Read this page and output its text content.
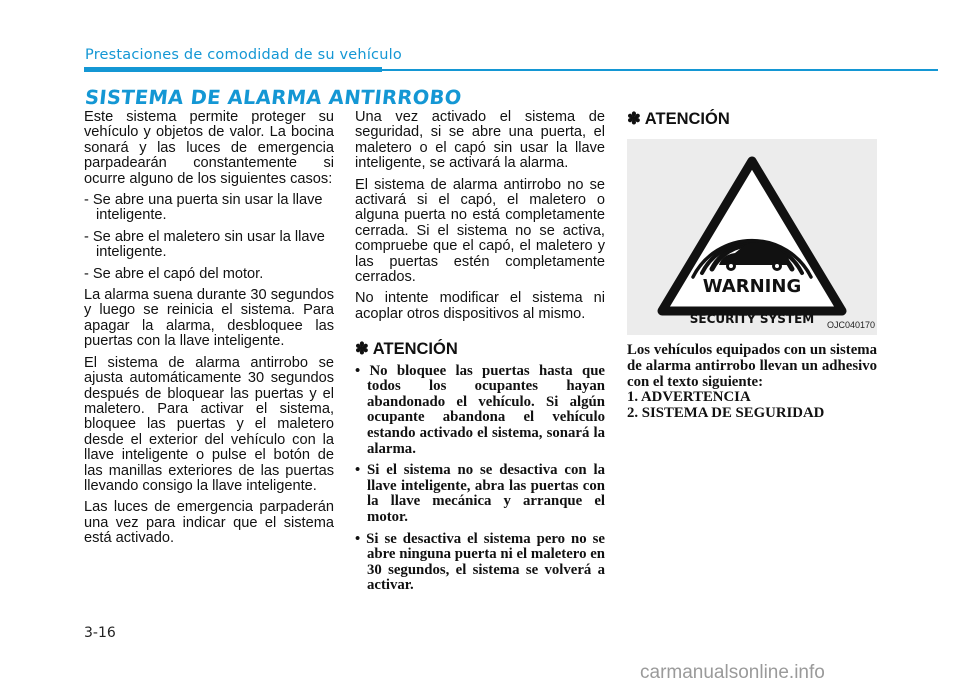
Prestaciones de comodidad de su vehículo
SISTEMA DE ALARMA ANTIRROBO

Este sistema permite proteger su vehículo y objetos de valor. La bocina sonará y las luces de emergencia parpadearán constantemente si ocurre alguno de los siguientes casos:

- Se abre una puerta sin usar la llave inteligente.

- Se abre el maletero sin usar la llave inteligente.

- Se abre el capó del motor.

La alarma suena durante 30 segundos y luego se reinicia el sistema. Para apagar la alarma, desbloquee las puertas con la llave inteligente.

El sistema de alarma antirrobo se ajusta automáticamente 30 segundos después de bloquear las puertas y el maletero. Para activar el sistema, bloquee las puertas y el maletero desde el exterior del vehículo con la llave inteligente o pulse el botón de las manillas exteriores de las puertas llevando consigo la llave inteligente.

Las luces de emergencia parpaderán una vez para indicar que el sistema está activado.

Una vez activado el sistema de seguridad, si se abre una puerta, el maletero o el capó sin usar la llave inteligente, se activará la alarma.

El sistema de alarma antirrobo no se activará si el capó, el maletero o alguna puerta no está completamente cerrada. Si el sistema no se activa, compruebe que el capó, el maletero y las puertas estén completamente cerrados.

No intente modificar el sistema ni acoplar otros dispositivos al mismo.

✽ ATENCIÓN

• No bloquee las puertas hasta que todos los ocupantes hayan abandonado el vehículo. Si algún ocupante abandona el vehículo estando activado el sistema, sonará la alarma.

• Si el sistema no se desactiva con la llave inteligente, abra las puertas con la llave mecánica y arranque el motor.

• Si se desactiva el sistema pero no se abre ninguna puerta ni el maletero en 30 segundos, el sistema se volverá a activar.

✽ ATENCIÓN
WARNING
SECURITY SYSTEM OJC040170

Los vehículos equipados con un sistema de alarma antirrobo llevan un adhesivo con el texto siguiente:

1. ADVERTENCIA

2. SISTEMA DE SEGURIDAD

3-16
carmanualsonline.info
